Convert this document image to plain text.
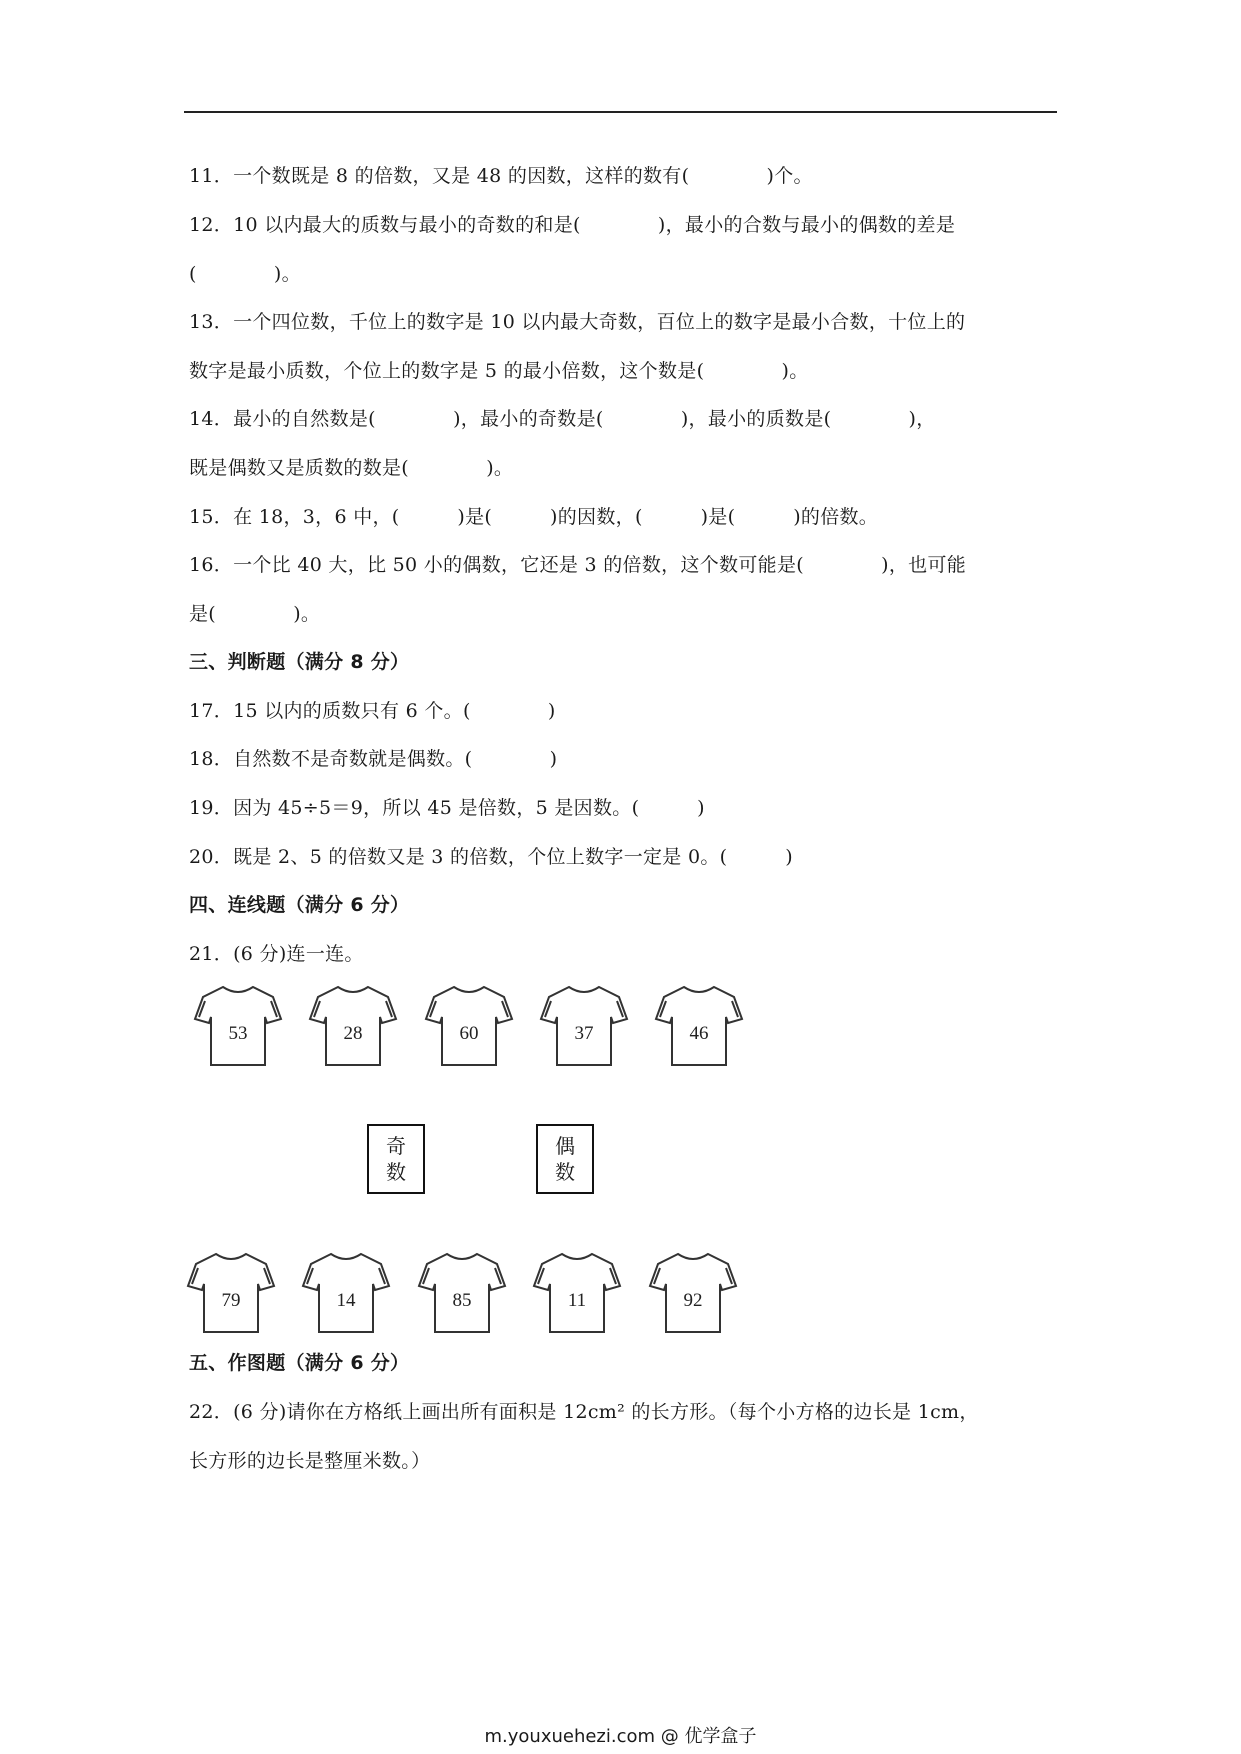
11．一个数既是 8 的倍数，又是 48 的因数，这样的数有(　　　　)个。
12．10 以内最大的质数与最小的奇数的和是(　　　　)，最小的合数与最小的偶数的差是
(　　　　)。
13．一个四位数，千位上的数字是 10 以内最大奇数，百位上的数字是最小合数，十位上的
数字是最小质数，个位上的数字是 5 的最小倍数，这个数是(　　　　)。
14．最小的自然数是(　　　　)，最小的奇数是(　　　　)，最小的质数是(　　　　)，
既是偶数又是质数的数是(　　　　)。
15．在 18，3，6 中，(　　　)是(　　　)的因数，(　　　)是(　　　)的倍数。
16．一个比 40 大，比 50 小的偶数，它还是 3 的倍数，这个数可能是(　　　　)，也可能
是(　　　　)。
三、判断题（满分 8 分）
17．15 以内的质数只有 6 个。(　　　　)
18．自然数不是奇数就是偶数。(　　　　)
19．因为 45÷5＝9，所以 45 是倍数，5 是因数。(　　　)
20．既是 2、5 的倍数又是 3 的倍数，个位上数字一定是 0。(　　　)
四、连线题（满分 6 分）
21．(6 分)连一连。
53	28	60	37	46
奇
数
偶
数
79	14	85	11	92
五、作图题（满分 6 分）
22．(6 分)请你在方格纸上画出所有面积是 12cm² 的长方形。（每个小方格的边长是 1cm，
长方形的边长是整厘米数。）
m.youxuehezi.com @ 优学盒子
